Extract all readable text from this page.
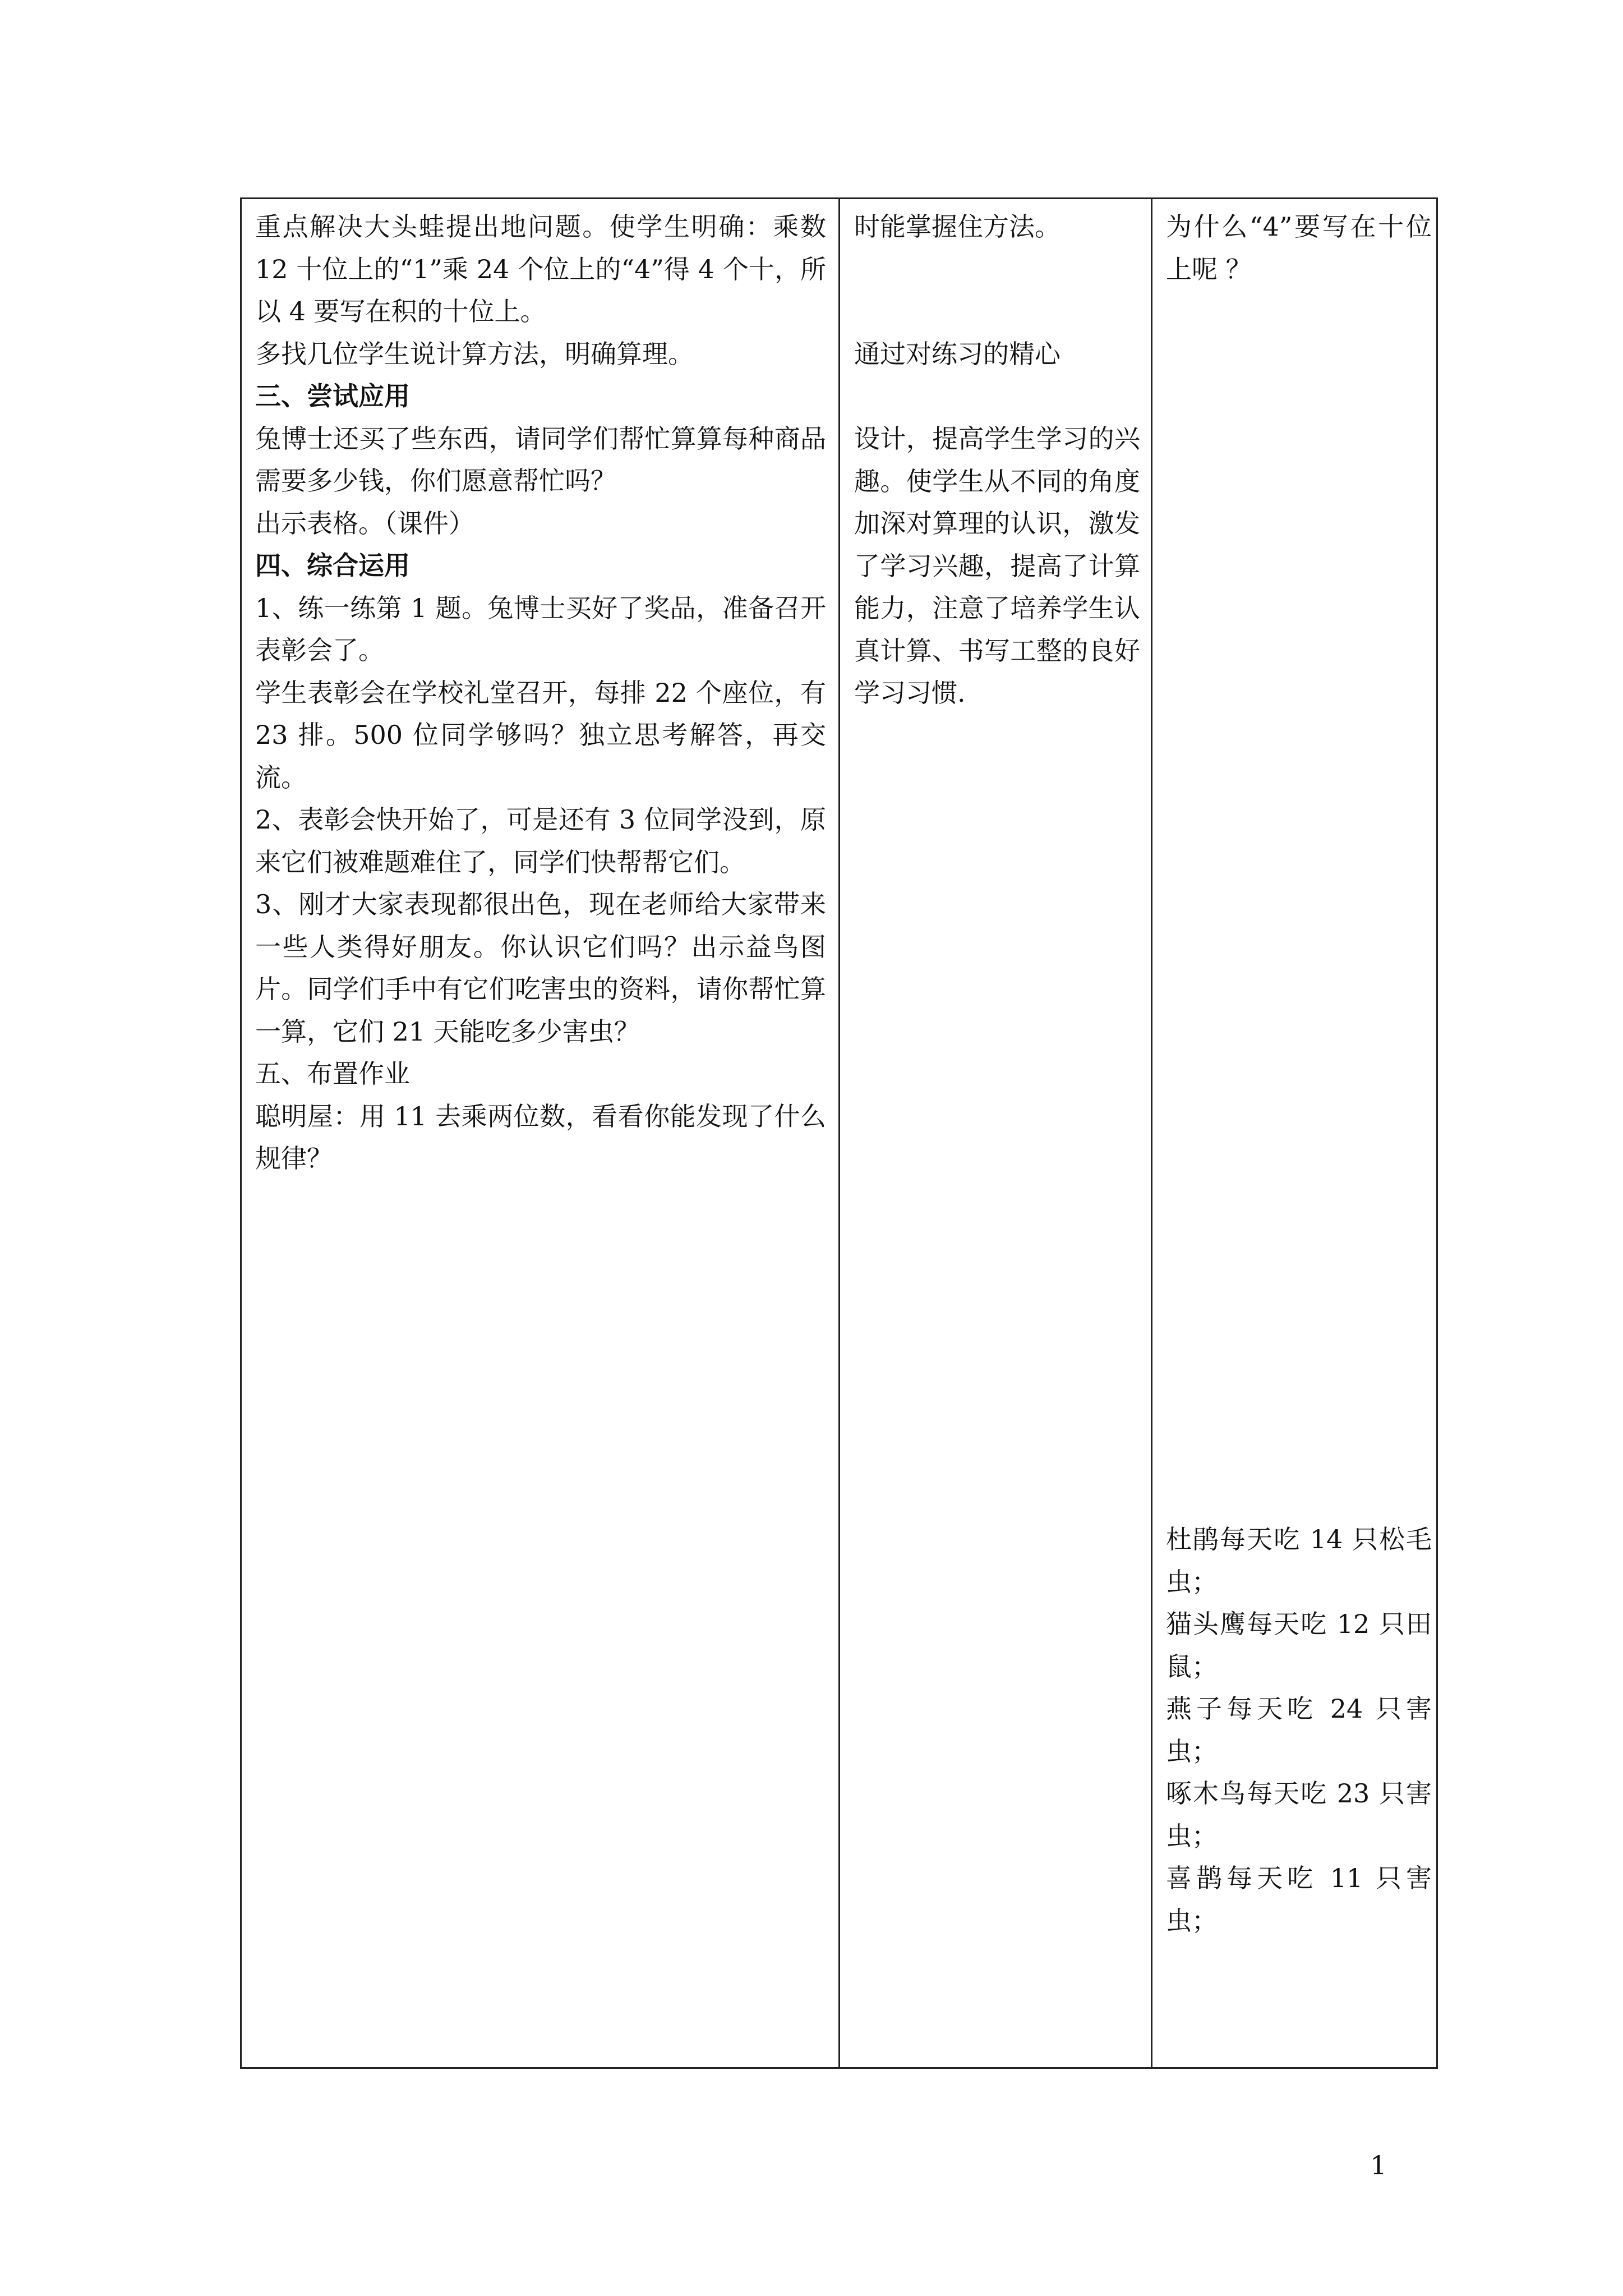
重点解决大头蛙提出地问题。使学生明确：乘数 12 十位上的“1”乘 24 个位上的“4”得 4 个十，所以 4 要写在积的十位上。

多找几位学生说计算方法，明确算理。

三、尝试应用

兔博士还买了些东西，请同学们帮忙算算每种商品需要多少钱，你们愿意帮忙吗？

出示表格。（课件）

四、综合运用

1、练一练第 1 题。兔博士买好了奖品，准备召开表彰会了。

学生表彰会在学校礼堂召开，每排 22 个座位，有 23 排。500 位同学够吗？独立思考解答，再交流。

2、表彰会快开始了，可是还有 3 位同学没到，原来它们被难题难住了，同学们快帮帮它们。

3、刚才大家表现都很出色，现在老师给大家带来一些人类得好朋友。你认识它们吗？出示益鸟图片。同学们手中有它们吃害虫的资料，请你帮忙算一算，它们 21 天能吃多少害虫？

五、布置作业

聪明屋：用 11 去乘两位数，看看你能发现了什么规律？

时能掌握住方法。

通过对练习的精心

设计，提高学生学习的兴趣。使学生从不同的角度加深对算理的认识，激发了学习兴趣，提高了计算能力，注意了培养学生认真计算、书写工整的良好学习习惯.

为什么“4”要写在十位上呢 ？

杜鹃每天吃 14 只松毛虫；

猫头鹰每天吃 12 只田鼠；

燕子每天吃 24 只害虫；

啄木鸟每天吃 23 只害虫；

喜鹊每天吃 11 只害虫；

1
